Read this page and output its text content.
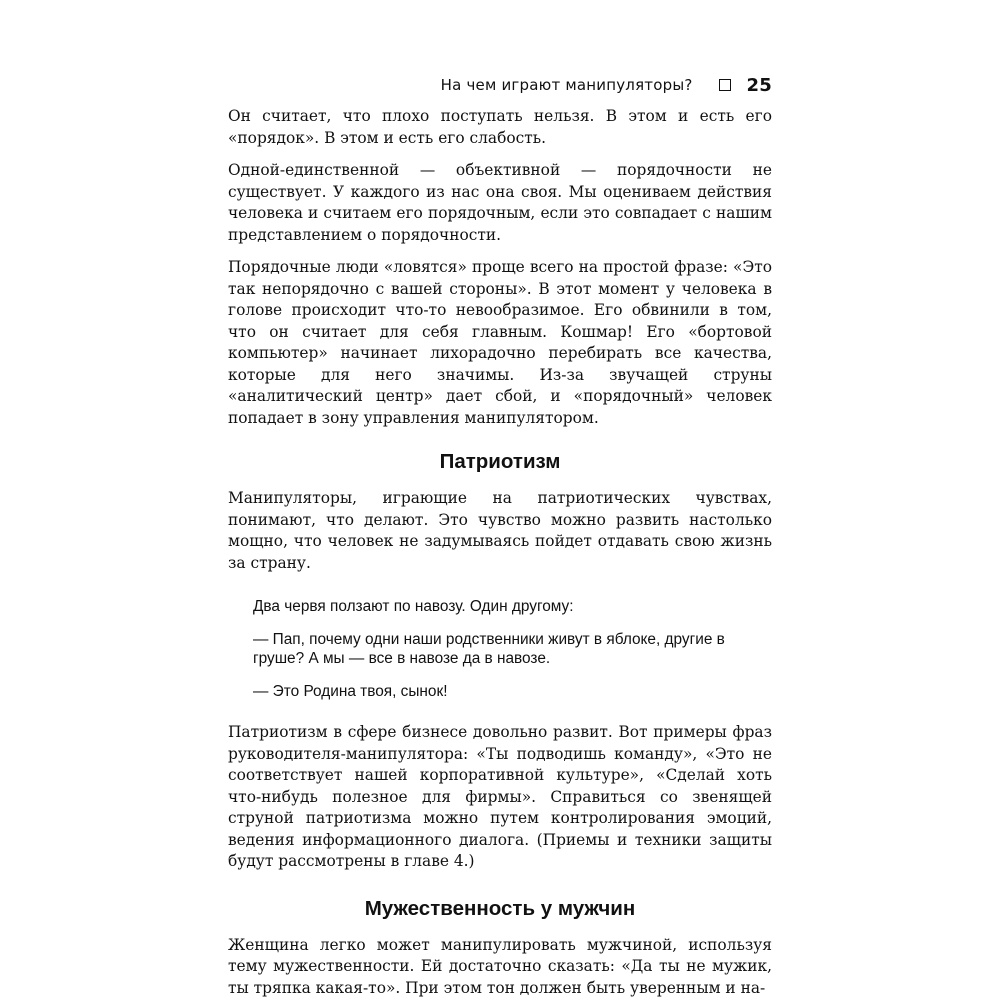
На чем играют манипуляторы?	25

Он считает, что плохо поступать нельзя. В этом и есть его «порядок». В этом и есть его слабость.

Одной-единственной — объективной — порядочности не существует. У каждого из нас она своя. Мы оцениваем действия человека и считаем его порядочным, если это совпадает с нашим представлением о порядочности.

Порядочные люди «ловятся» проще всего на простой фразе: «Это так непорядочно с вашей стороны». В этот момент у человека в голове происходит что-то невообразимое. Его обвинили в том, что он считает для себя главным. Кошмар! Его «бортовой компьютер» начинает лихорадочно перебирать все качества, которые для него значимы. Из-за звучащей струны «аналитический центр» дает сбой, и «порядочный» человек попадает в зону управления манипулятором.

Патриотизм

Манипуляторы, играющие на патриотических чувствах, понимают, что делают. Это чувство можно развить настолько мощно, что человек не задумываясь пойдет отдавать свою жизнь за страну.

Два червя ползают по навозу. Один другому:

— Пап, почему одни наши родственники живут в яблоке, другие в груше? А мы — все в навозе да в навозе.

— Это Родина твоя, сынок!

Патриотизм в сфере бизнесе довольно развит. Вот примеры фраз руководителя-манипулятора: «Ты подводишь команду», «Это не соответствует нашей корпоративной культуре», «Сделай хоть что-нибудь полезное для фирмы». Справиться со звенящей струной патриотизма можно путем контролирования эмоций, ведения информационного диалога. (Приемы и техники защиты будут рассмотрены в главе 4.)

Мужественность у мужчин

Женщина легко может манипулировать мужчиной, используя тему мужественности. Ей достаточно сказать: «Да ты не мужик, ты тряпка какая-то». При этом тон должен быть уверенным и на-
